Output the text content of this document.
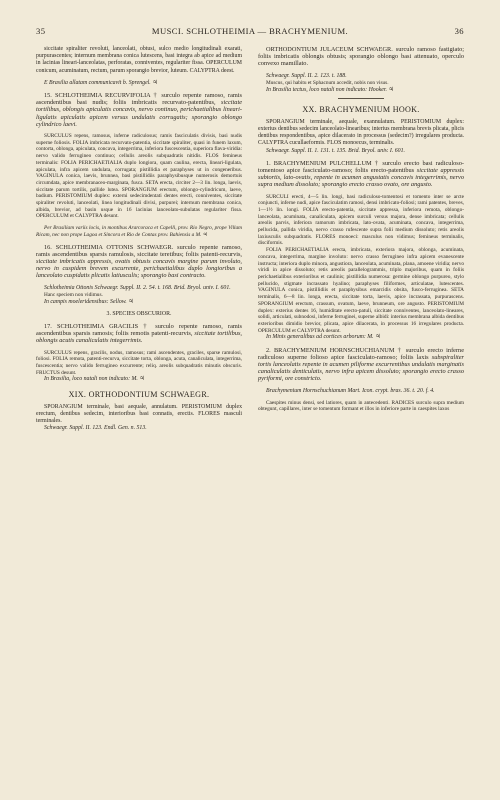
35	MUSCI. SCHLOTHEIMIA — BRACHYMENIUM.	36

siccitate spiraliter revoluti, lanceolati, obtusi, sulco medio longitudinali exarati, purpurascentes; internum membrana conica lutescens, basi integra ab apice ad medium in lacinias lineari-lanceolatas, perforatas, conniventes, regulariter fissa. OPERCULUM conicum, acuminatum, rectum, parum sporangio brevior, luteum. CALYPTRA deest.

E Brasilia allatam communicavit b. Sprengel. ♃

15. SCHLOTHEIMIA RECURVIFOLIA † surculo repente ramoso, ramis ascendentibus basi nudis; foliis imbricatis recurvato-patentibus, siccitate tortilibus, oblongis apiculatis concavis, nervo continuo, perichaetialibus lineari-ligulatis apiculatis apicem versus undulatis corrugatis; sporangio oblongo cylindrico laevi.

SURCULUS repens, ramosus, inferne radiculosus; ramis fasciculatis divisis, basi nudis superne foliosis. FOLIA imbricata recurvato-patentia, siccitate spiraliter, quasi in funem laxum, contorta, oblonga, apiculata, concava, integerrima, inferiora fuscescentia, superiora flava-viridia: nervo valido ferrugineo continuo; cellulis areolis subquadratis nitidis. FLOS femineus terminalis: FOLIA PERICHAETIALIA duplo longiora, quam caulina, erecta, lineari-ligulata, apiculata, infra apicem undulata, corrugata; pistillidia et paraphyses ut in congeneribus. VAGINULA conica, laevis, brunnea, basi pistillidiis paraphysibusque numerosis demortuis circumdata, apice membranaceo-marginata, fusca. SETA erecta, circiter 2—3 lin. longa, laevis, siccitate parum tortilis, pallide lutea. SPORANGIUM erectum, oblongo-cylindricum, laeve, badium. PERISTOMIUM duplex: externi sedecimdentati dentes erecti, conniventes, siccitate spiraliter revoluti, lanceolati, linea longitudinali divisi, purpurei; internum membrana conica, albida, brevior, ad basin usque in 16 lacinias lanceolato-subulatas regulariter fissa. OPERCULUM et CALYPTRA desunt.

Per Brasiliam variis locis, in montibus Ararcoraca et Capelli, prov. Rio Negro, prope Villam Ricam, nec non prope Lagoa et Sincora et Rio de Contas prov. Bahiensis a M. ♃

16. SCHLOTHEIMIA OTTONIS SCHWAEGR. surculo repente ramoso, ramis ascendentibus sparsis ramulosis, siccitate teretibus; foliis patenti-recurvis, siccitate imbricatis appressis, ovatis obtusis concavis margine parum involuto, nervo in cuspidem brevem excurrente, perichaetialibus duplo longioribus a lanceolato cuspidatis plicatis latiusculis; sporangio basi contracto.

Schlotheimia Ottonis Schwaegr. Suppl. II. 2. 54. t. 168. Brid. Bryol. univ. I. 601.

Hanc speciem non vidimus.

In campis moeleridensibus: Sellow. ♃

3. SPECIES OBSCURIOR.

17. SCHLOTHEIMIA GRACILIS † surculo repente ramoso, ramis ascendentibus sparsis ramosis; foliis remotis patenti-recurvis, siccitate tortilibus, oblongis acutis canaliculatis integerrimis.

SURCULUS repens, gracilis, nodus, ramosus; rami ascendentes, graciles, sparse ramulosi, foliosi. FOLIA remota, patenti-recurva, siccitate torta, oblonga, acuta, canaliculata, integerrima, fuscescentia; nervo valido ferrugineo excurrente; reliq. areolis subquadratis minutis obscuris. FRUCTUS desunt.

In Brasilia, loco natali non indicato: M. ♃

XIX. ORTHODONTIUM SCHWAEGR.

SPORANGIUM terminale, basi aequale, annulatum. PERISTOMIUM duplex erectum, dentibus sedecim, interioribus basi connatis, erectis. FLORES masculi terminales.

Schwaegr. Suppl. II. 123. Endl. Gen. n. 513.

ORTHODONTIUM JULACEUM SCHWAEGR. surculo ramoso fastigiato; foliis imbricatis oblongis obtusis; sporangio oblongo basi attenuato, operculo convexo mamillato.

Schwaegr. Suppl. II. 2. 123. t. 188.

Muscus, qui habitu et Sphacnum accedit, nobis non visus.

In Brasilia tectus, loco natali non indicato: Hooker. ♃

XX. BRACHYMENIUM HOOK.

SPORANGIUM terminale, aequale, exannulatum. PERISTOMIUM duplex: exterius dentibus sedecim lanceolato-linearibus; interius membrana brevis plicata, plicis dentibus respondentibus, apice dilacerato in processus (sedecim?) irregulares producta. CALYPTRA cucullaeformis. FLOS monoecus, terminalis.

Schwaegr. Suppl. II. 1. 131. t. 135. Brid. Bryol. univ. I. 601.

1. BRACHYMENIUM PULCHELLUM † surculo erecto basi radiculoso-tomentoso apice fasciculato-ramoso; foliis erecto-patentibus siccitate appressis subtortis, lato-ovatis, repente in acumen angustatis concavis integerrimis, nervo supra medium dissoluto; sporangio erecto crasso ovato, ore angusto.

SURCULI erecti, 4—5 lin. longi, basi radiculoso-tomentosi et tomento inter se arcte conjuncti, inferne nudi, apice fasciculatim ramosi, densi imbricato-foliosi; rami patentes, breves, 1—1½ lin. longi. FOLIA erecto-patentia, siccitate appressa, inferiora remota, oblongo-lanceolata, acuminata, canaliculata, apicem surculi versus majora, dense imbricata; cellulis areolis parvis, inferiora ramorum imbricata, lato-ovata, acuminata, concava, integerrima, pellucida, pallida viridia, nervo crasso rufescente supra folii medium dissoluto; retis areolis laxiusculis subquadratis. FLORES monoeci: masculus non vidimus; femineus terminalis, disciformis.

FOLIA PERICHAETIALIA erecta, imbricata, exteriora majora, oblonga, acuminata, concava, integerrima, margine involuto: nervo crasso ferrugineo infra apicem evanescente instructa; interiora duplo minora, angustiora, lanceolata, acuminata, plana, amoene viridia; nervo viridi in apice dissoluto; retis areolis parallelogrammis, triplo majoribus, quam in foliis perichaetialibus exterioribus et caulinis; pistillidia numerosa: germine oblongo purpureo, stylo pellucido, stigmate incrassato hyalino; paraphyses filiformes, articulatae, lutescentes. VAGINULA conica, pistillidiis et paraphysibus emarcidis obsita, fusco-ferruginea. SETA terminalis, 6—8 lin. longa, erecta, siccitate torta, laevis, apice incrassata, purpurascens. SPORANGIUM erectum, crassum, ovatum, laeve, brunneum, ore angusto. PERISTOMIUM duplex: exterius dentes 16, humiditate erecto-patuli, siccitate conniventes, lanceolato-lineares, solidi, articulati, subnodosi, inferne ferruginei, superne albidi: interius membrana albida dentibus exterioribus dimidio brevior, plicata, apice dilacerata, in processus 16 irregulares producta. OPERCULUM et CALYPTRA desunt.

In Minis generalibus ad cortices arborum: M. ♃

2. BRACHYMENIUM HORNSCHUCHIANUM † surculo erecto inferne radiculoso superne folioso apice fasciculato-ramoso; foliis laxis subspiraliter tortis lanceolatis repente in acumen piliforme excurrentibus undulatis marginatis canaliculatis denticulatis, nervo infra apicem dissoluto; sporangio erecto crasso pyriformi, ore constricto.

Brachymenium Hornschuchianum Mart. Icon. crypt. bras. 36. t. 20. f. 4.

Caespites minus densi, sed latiores, quam in antecedenti. RADICES surculo supra medium obtegunt, capillares, inter se tomentum formant et illos in inferiore parte in caespites laxos
